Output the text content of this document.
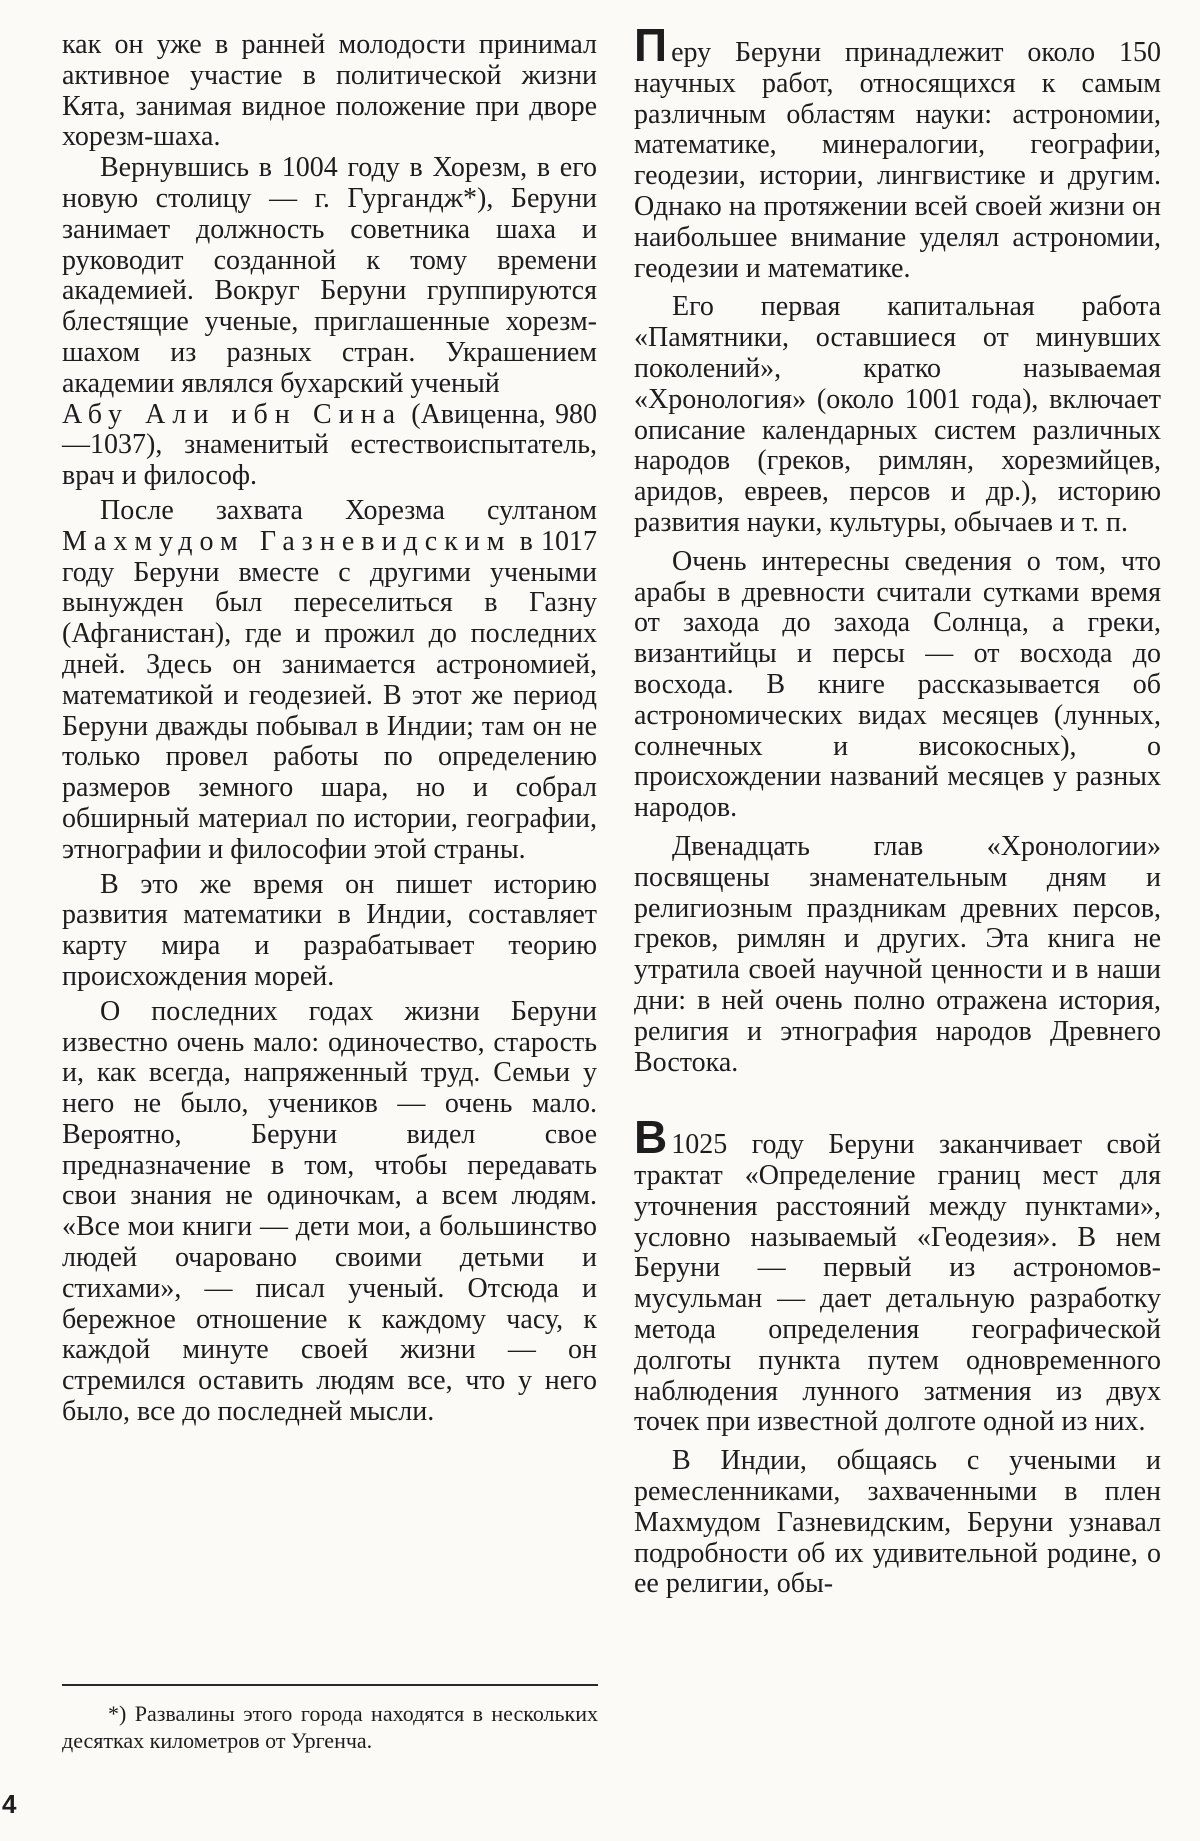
как он уже в ранней молодости принимал активное участие в политической жизни Кята, занимая видное положение при дворе хорезм-шаха.

Вернувшись в 1004 году в Хорезм, в его новую столицу — г. Гургандж*), Беруни занимает должность советника шаха и руководит созданной к тому времени академией. Вокруг Беруни группируются блестящие ученые, приглашенные хорезм-шахом из разных стран. Украшением академии являлся бухарский ученый

Абу Али ибн Сина (Авиценна, 980—1037), знаменитый естествоиспытатель, врач и философ.

После захвата Хорезма султаном Махмудом Газневидским в 1017 году Беруни вместе с другими учеными вынужден был переселиться в Газну (Афганистан), где и прожил до последних дней. Здесь он занимается астрономией, математикой и геодезией. В этот же период Беруни дважды побывал в Индии; там он не только провел работы по определению размеров земного шара, но и собрал обширный материал по истории, географии, этнографии и философии этой страны.

В это же время он пишет историю развития математики в Индии, составляет карту мира и разрабатывает теорию происхождения морей.

О последних годах жизни Беруни известно очень мало: одиночество, старость и, как всегда, напряженный труд. Семьи у него не было, учеников — очень мало. Вероятно, Беруни видел свое предназначение в том, чтобы передавать свои знания не одиночкам, а всем людям. «Все мои книги — дети мои, а большинство людей очаровано своими детьми и стихами», — писал ученый. Отсюда и бережное отношение к каждому часу, к каждой минуте своей жизни — он стремился оставить людям все, что у него было, все до последней мысли.

*) Развалины этого города находятся в нескольких десятках километров от Ургенча.

Перу Беруни принадлежит около 150 научных работ, относящихся к самым различным областям науки: астрономии, математике, минералогии, географии, геодезии, истории, лингвистике и другим. Однако на протяжении всей своей жизни он наибольшее внимание уделял астрономии, геодезии и математике.

Его первая капитальная работа «Памятники, оставшиеся от минувших поколений», кратко называемая «Хронология» (около 1001 года), включает описание календарных систем различных народов (греков, римлян, хорезмийцев, аридов, евреев, персов и др.), историю развития науки, культуры, обычаев и т. п.

Очень интересны сведения о том, что арабы в древности считали сутками время от захода до захода Солнца, а греки, византийцы и персы — от восхода до восхода. В книге рассказывается об астрономических видах месяцев (лунных, солнечных и високосных), о происхождении названий месяцев у разных народов.

Двенадцать глав «Хронологии» посвящены знаменательным дням и религиозным праздникам древних персов, греков, римлян и других. Эта книга не утратила своей научной ценности и в наши дни: в ней очень полно отражена история, религия и этнография народов Древнего Востока.

В 1025 году Беруни заканчивает свой трактат «Определение границ мест для уточнения расстояний между пунктами», условно называемый «Геодезия». В нем Беруни — первый из астрономов-мусульман — дает детальную разработку метода определения географической долготы пункта путем одновременного наблюдения лунного затмения из двух точек при известной долготе одной из них.

В Индии, общаясь с учеными и ремесленниками, захваченными в плен Махмудом Газневидским, Беруни узнавал подробности об их удивительной родине, о ее религии, обы-

4
